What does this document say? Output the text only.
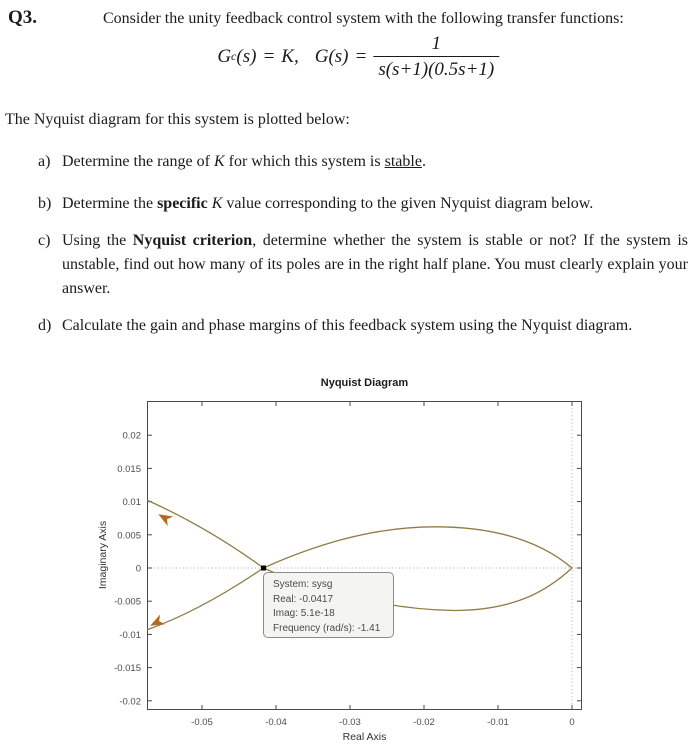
Q3.	Consider the unity feedback control system with the following transfer functions:
G c (s) = K , G $(s) = \frac{1}{s(s+1)(0.5s+1)}$
The Nyquist diagram for this system is plotted below:
a) Determine the range of K for which this system is stable.
b) Determine the specific K value corresponding to the given Nyquist diagram below.
c) Using the Nyquist criterion, determine whether the system is stable or not? If the system is unstable, find out how many of its poles are in the right half plane. You must clearly explain your answer.
d) Calculate the gain and phase margins of this feedback system using the Nyquist diagram.
Nyquist Diagram
-0.05	-0.04	-0.03	-0.02	-0.01	0
0.02
0.015
0.01
0.005
0
-0.005
-0.01
-0.015
-0.02
Imaginary Axis
Real Axis
System: sysg
Real: -0.0417
Imag: 5.1e-18
Frequency (rad/s): -1.41
